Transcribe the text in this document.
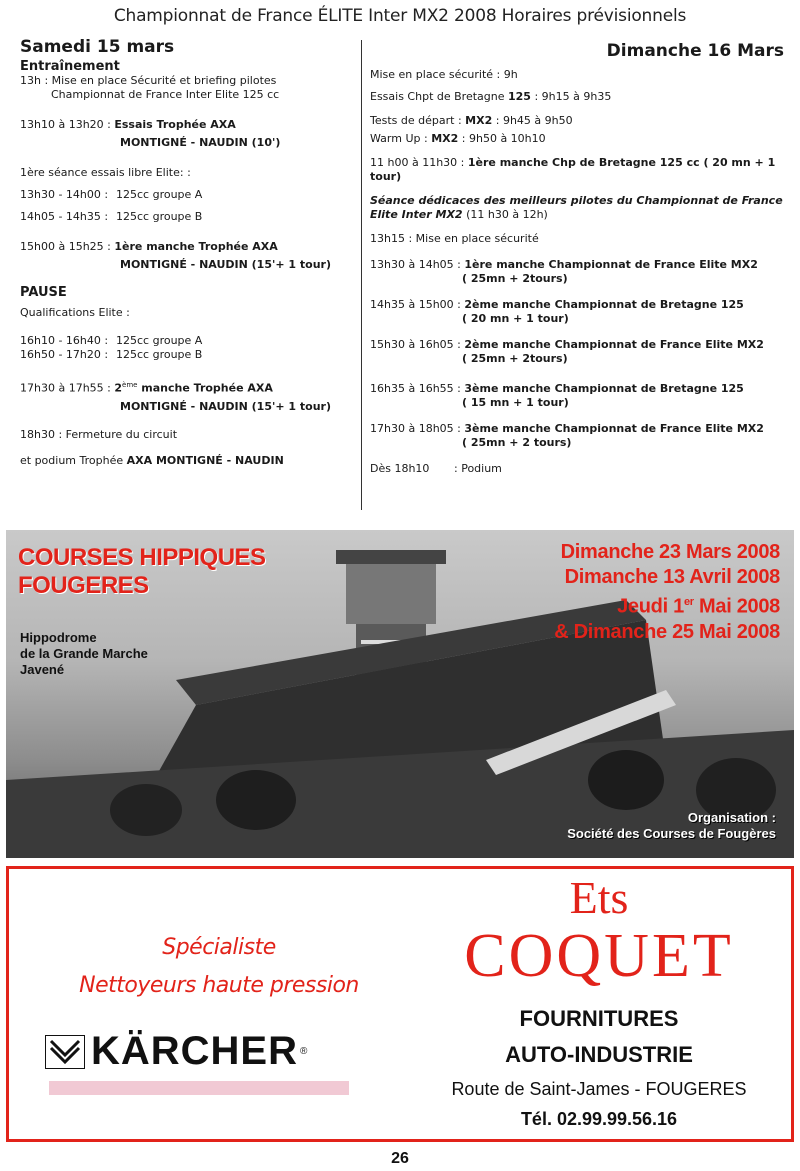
Championnat de France ÉLITE Inter MX2 2008 Horaires prévisionnels
Samedi 15 mars
Entraînement
13h : Mise en place Sécurité et briefing pilotes
Championnat de France Inter Elite 125 cc
13h10 à 13h20 : Essais Trophée AXA
MONTIGNÉ - NAUDIN (10')
1ère séance essais libre Elite: :
13h30 - 14h00 : 125cc groupe A
14h05 - 14h35 : 125cc groupe B
15h00 à 15h25 : 1ère manche Trophée AXA
MONTIGNÉ - NAUDIN (15'+ 1 tour)
PAUSE
Qualifications Elite :
16h10 - 16h40 : 125cc groupe A
16h50 - 17h20 : 125cc groupe B
17h30 à 17h55 : 2ème manche Trophée AXA
MONTIGNÉ - NAUDIN (15'+ 1 tour)
18h30 : Fermeture du circuit
et podium Trophée AXA MONTIGNÉ - NAUDIN
Dimanche 16 Mars
Mise en place sécurité : 9h
Essais Chpt de Bretagne 125 : 9h15 à 9h35
Tests de départ : MX2 : 9h45 à 9h50
Warm Up : MX2 : 9h50 à 10h10
11 h00 à 11h30 : 1ère manche Chp de Bretagne 125 cc ( 20 mn + 1 tour)
Séance dédicaces des meilleurs pilotes du Championnat de France
Elite Inter MX2 (11 h30 à 12h)
13h15 : Mise en place sécurité
13h30 à 14h05 : 1ère manche Championnat de France Elite MX2
( 25mn + 2tours)
14h35 à 15h00 : 2ème manche Championnat de Bretagne 125
( 20 mn + 1 tour)
15h30 à 16h05 : 2ème manche Championnat de France Elite MX2
( 25mn + 2tours)
16h35 à 16h55 : 3ème manche Championnat de Bretagne 125
( 15 mn + 1 tour)
17h30 à 18h05 : 3ème manche Championnat de France Elite MX2
( 25mn + 2 tours)
Dès 18h10 : Podium
COURSES HIPPIQUES
FOUGERES
Hippodrome
de la Grande Marche
Javené
Dimanche 23 Mars 2008
Dimanche 13 Avril 2008
Jeudi 1er Mai 2008
& Dimanche 25 Mai 2008
Organisation :
Société des Courses de Fougères
Spécialiste
Nettoyeurs haute pression
KÄRCHER ®
Ets
COQUET
FOURNITURES
AUTO-INDUSTRIE
Route de Saint-James - FOUGERES
Tél. 02.99.99.56.16
26
